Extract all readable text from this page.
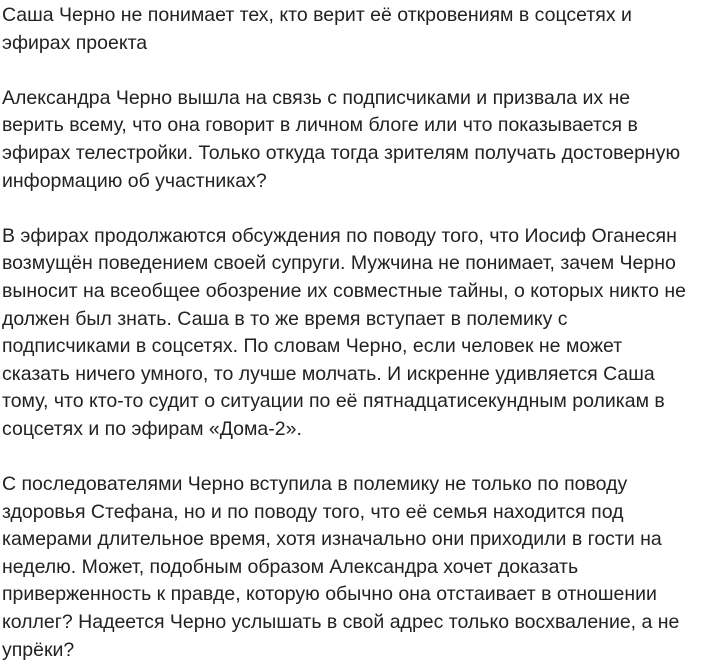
Саша Черно не понимает тех, кто верит её откровениям в соцсетях и эфирах проекта
Александра Черно вышла на связь с подписчиками и призвала их не верить всему, что она говорит в личном блоге или что показывается в эфирах телестройки. Только откуда тогда зрителям получать достоверную информацию об участниках?
В эфирах продолжаются обсуждения по поводу того, что Иосиф Оганесян возмущён поведением своей супруги. Мужчина не понимает, зачем Черно выносит на всеобщее обозрение их совместные тайны, о которых никто не должен был знать. Саша в то же время вступает в полемику с подписчиками в соцсетях. По словам Черно, если человек не может сказать ничего умного, то лучше молчать. И искренне удивляется Саша тому, что кто-то судит о ситуации по её пятнадцатисекундным роликам в соцсетях и по эфирам «Дома-2».
С последователями Черно вступила в полемику не только по поводу здоровья Стефана, но и по поводу того, что её семья находится под камерами длительное время, хотя изначально они приходили в гости на неделю. Может, подобным образом Александра хочет доказать приверженность к правде, которую обычно она отстаивает в отношении коллег? Надеется Черно услышать в свой адрес только восхваление, а не упрёки?
